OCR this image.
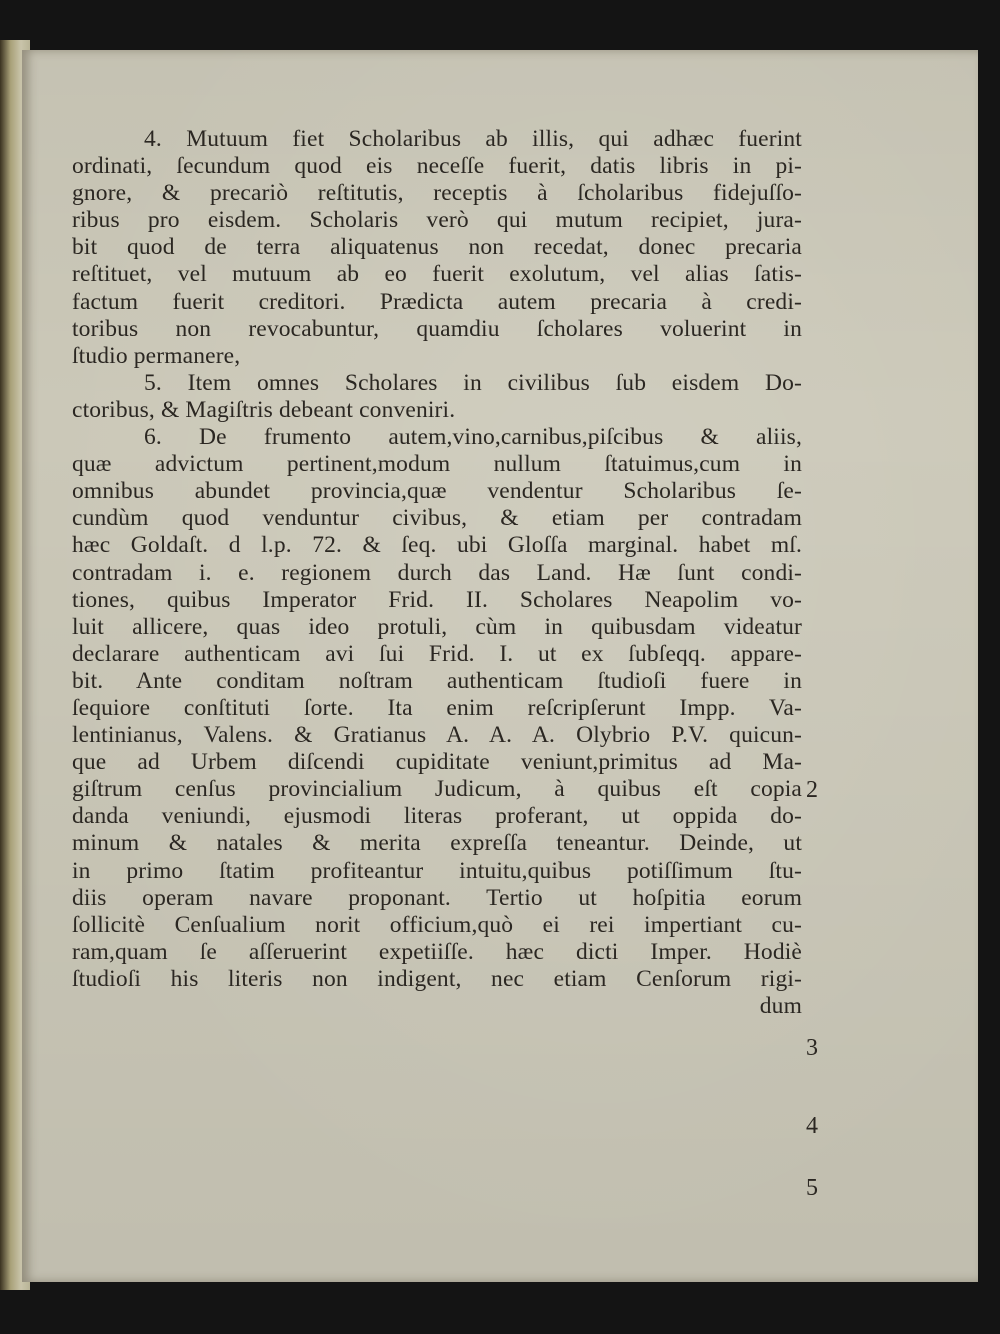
4. Mutuum fiet Scholaribus ab illis, qui adhæc fuerint
ordinati, ſecundum quod eis neceſſe fuerit, datis libris in pi-
gnore, & precariò reſtitutis, receptis à ſcholaribus fidejuſſo-
ribus pro eisdem. Scholaris verò qui mutum recipiet, jura-
bit quod de terra aliquatenus non recedat, donec precaria
reſtituet, vel mutuum ab eo fuerit exolutum, vel alias ſatis-
factum fuerit creditori. Prædicta autem precaria à credi-
toribus non revocabuntur, quamdiu ſcholares voluerint in
ſtudio permanere,
5. Item omnes Scholares in civilibus ſub eisdem Do-
ctoribus, & Magiſtris debeant conveniri.
6. De frumento autem,vino,carnibus,piſcibus & aliis,
quæ advictum pertinent,modum nullum ſtatuimus,cum in
omnibus abundet provincia,quæ vendentur Scholaribus ſe-
cundùm quod venduntur civibus, & etiam per contradam
hæc Goldaſt. d l.p. 72. & ſeq. ubi Gloſſa marginal. habet mſ.
contradam i. e. regionem durch das Land. Hæ ſunt condi-
tiones, quibus Imperator Frid. II. Scholares Neapolim vo-
luit allicere, quas ideo protuli, cùm in quibusdam videatur
declarare authenticam avi ſui Frid. I. ut ex ſubſeqq. appare-
bit. Ante conditam noſtram authenticam ſtudioſi fuere in
ſequiore conſtituti ſorte. Ita enim reſcripſerunt Impp. Va-
lentinianus, Valens. & Gratianus A. A. A. Olybrio P.V. quicun-
que ad Urbem diſcendi cupiditate veniunt,primitus ad Ma-
giſtrum cenſus provincialium Judicum, à quibus eſt copia
danda veniundi, ejusmodi literas proferant, ut oppida do-
minum & natales & merita expreſſa teneantur. Deinde, ut
in primo ſtatim profiteantur intuitu,quibus potiſſimum ſtu-
diis operam navare proponant. Tertio ut hoſpitia eorum
ſollicitè Cenſualium norit officium,quò ei rei impertiant cu-
ram,quam ſe aſſeruerint expetiiſſe. hæc dicti Imper. Hodiè
ſtudioſi his literis non indigent, nec etiam Cenſorum rigi-
dum
2
3
4
5
